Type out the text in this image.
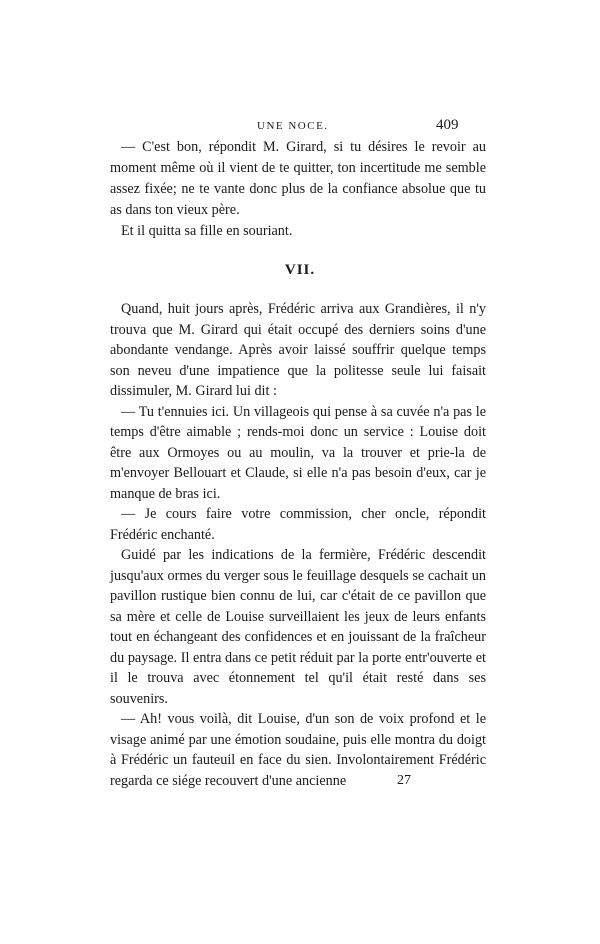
UNE NOCE.	409

— C'est bon, répondit M. Girard, si tu désires le revoir au moment même où il vient de te quitter, ton incertitude me semble assez fixée; ne te vante donc plus de la confiance absolue que tu as dans ton vieux père.

Et il quitta sa fille en souriant.

VII.

Quand, huit jours après, Frédéric arriva aux Grandières, il n'y trouva que M. Girard qui était occupé des derniers soins d'une abondante vendange. Après avoir laissé souffrir quelque temps son neveu d'une impatience que la politesse seule lui faisait dissimuler, M. Girard lui dit :

— Tu t'ennuies ici. Un villageois qui pense à sa cuvée n'a pas le temps d'être aimable ; rends-moi donc un service : Louise doit être aux Ormoyes ou au moulin, va la trouver et prie-la de m'envoyer Bellouart et Claude, si elle n'a pas besoin d'eux, car je manque de bras ici.

— Je cours faire votre commission, cher oncle, répondit Frédéric enchanté.

Guidé par les indications de la fermière, Frédéric descendit jusqu'aux ormes du verger sous le feuillage desquels se cachait un pavillon rustique bien connu de lui, car c'était de ce pavillon que sa mère et celle de Louise surveillaient les jeux de leurs enfants tout en échangeant des confidences et en jouissant de la fraîcheur du paysage. Il entra dans ce petit réduit par la porte entr'ouverte et il le trouva avec étonnement tel qu'il était resté dans ses souvenirs.

— Ah! vous voilà, dit Louise, d'un son de voix profond et le visage animé par une émotion soudaine, puis elle montra du doigt à Frédéric un fauteuil en face du sien. Involontairement Frédéric regarda ce siége recouvert d'une ancienne	27
